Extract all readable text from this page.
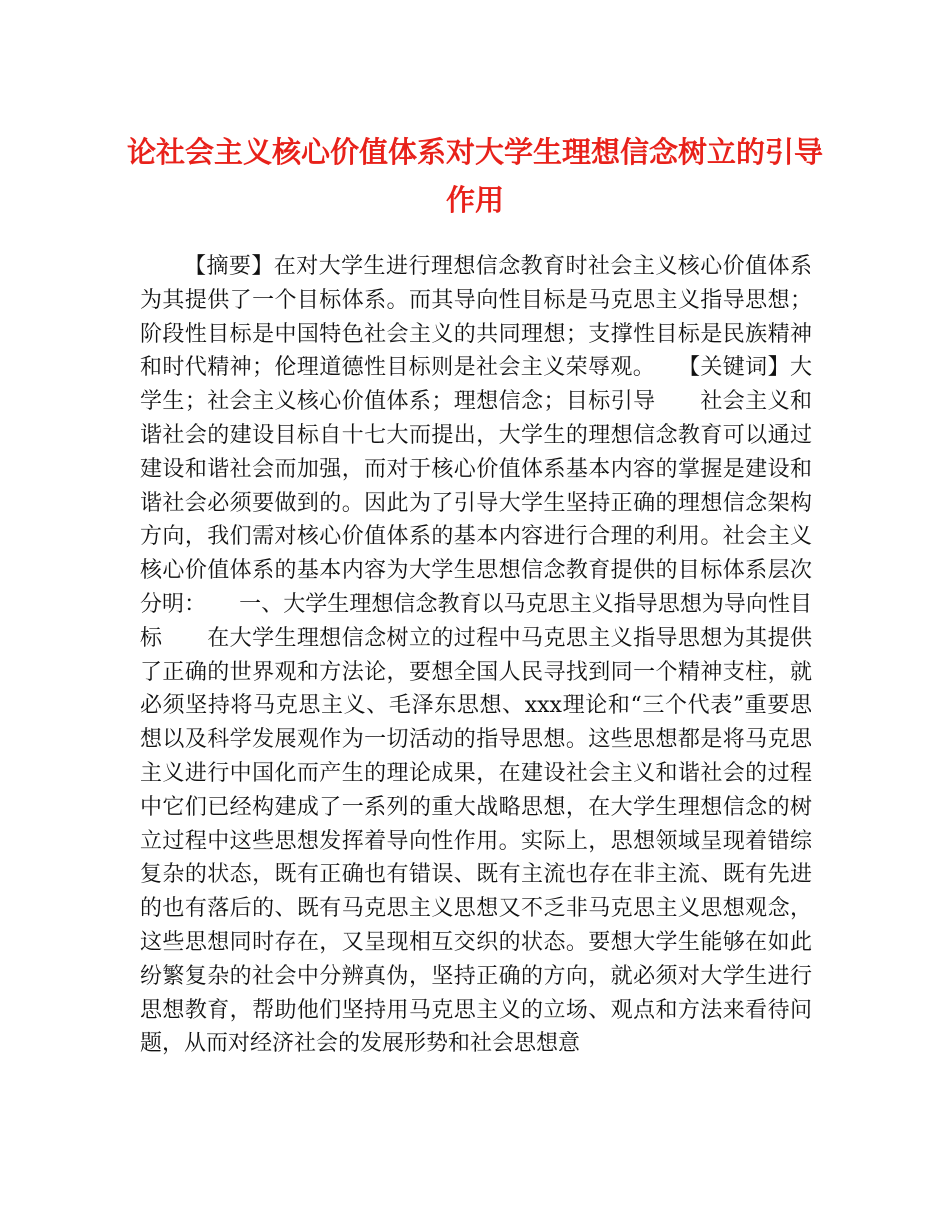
论社会主义核心价值体系对大学生理想信念树立的引导作用

【摘要】在对大学生进行理想信念教育时社会主义核心价值体系为其提供了一个目标体系。而其导向性目标是马克思主义指导思想；阶段性目标是中国特色社会主义的共同理想；支撑性目标是民族精神和时代精神；伦理道德性目标则是社会主义荣辱观。　　【关键词】大学生；社会主义核心价值体系；理想信念；目标引导　　社会主义和谐社会的建设目标自十七大而提出，大学生的理想信念教育可以通过建设和谐社会而加强，而对于核心价值体系基本内容的掌握是建设和谐社会必须要做到的。因此为了引导大学生坚持正确的理想信念架构方向，我们需对核心价值体系的基本内容进行合理的利用。社会主义核心价值体系的基本内容为大学生思想信念教育提供的目标体系层次分明：　　一、大学生理想信念教育以马克思主义指导思想为导向性目标　　在大学生理想信念树立的过程中马克思主义指导思想为其提供了正确的世界观和方法论，要想全国人民寻找到同一个精神支柱，就必须坚持将马克思主义、毛泽东思想、xxx理论和“三个代表”重要思想以及科学发展观作为一切活动的指导思想。这些思想都是将马克思主义进行中国化而产生的理论成果，在建设社会主义和谐社会的过程中它们已经构建成了一系列的重大战略思想，在大学生理想信念的树立过程中这些思想发挥着导向性作用。实际上，思想领域呈现着错综复杂的状态，既有正确也有错误、既有主流也存在非主流、既有先进的也有落后的、既有马克思主义思想又不乏非马克思主义思想观念，这些思想同时存在，又呈现相互交织的状态。要想大学生能够在如此纷繁复杂的社会中分辨真伪，坚持正确的方向，就必须对大学生进行思想教育，帮助他们坚持用马克思主义的立场、观点和方法来看待问题，从而对经济社会的发展形势和社会思想意
